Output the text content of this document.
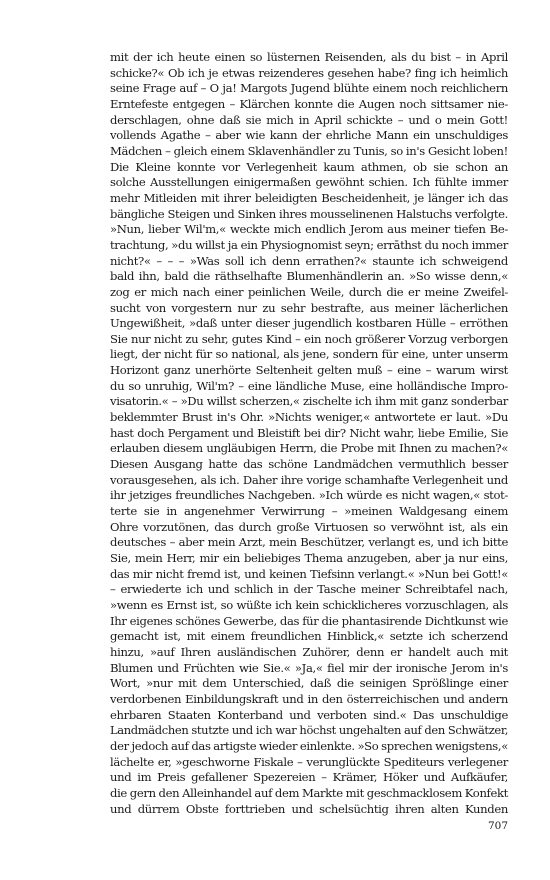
mit der ich heute einen so lüsternen Reisenden, als du bist – in April
schicke?« Ob ich je etwas reizenderes gesehen habe? fing ich heimlich
seine Frage auf – O ja! Margots Jugend blühte einem noch reichlichern
Erntefeste entgegen – Klärchen konnte die Augen noch sittsamer nie-
derschlagen, ohne daß sie mich in April schickte – und o mein Gott!
vollends Agathe – aber wie kann der ehrliche Mann ein unschuldiges
Mädchen – gleich einem Sklavenhändler zu Tunis, so in's Gesicht loben!
Die Kleine konnte vor Verlegenheit kaum athmen, ob sie schon an
solche Ausstellungen einigermaßen gewöhnt schien. Ich fühlte immer
mehr Mitleiden mit ihrer beleidigten Bescheidenheit, je länger ich das
bängliche Steigen und Sinken ihres mousselinenen Halstuchs verfolgte.
»Nun, lieber Wil'm,« weckte mich endlich Jerom aus meiner tiefen Be-
trachtung, »du willst ja ein Physiognomist seyn; errāthst du noch immer
nicht?« – – – »Was soll ich denn errathen?« staunte ich schweigend
bald ihn, bald die räthselhafte Blumenhändlerin an. »So wisse denn,«
zog er mich nach einer peinlichen Weile, durch die er meine Zweifel-
sucht von vorgestern nur zu sehr bestrafte, aus meiner lächerlichen
Ungewißheit, »daß unter dieser jugendlich kostbaren Hülle – erröthen
Sie nur nicht zu sehr, gutes Kind – ein noch größerer Vorzug verborgen
liegt, der nicht für so national, als jene, sondern für eine, unter unserm
Horizont ganz unerhörte Seltenheit gelten muß – eine – warum wirst
du so unruhig, Wil'm? – eine ländliche Muse, eine holländische Impro-
visatorin.« – »Du willst scherzen,« zischelte ich ihm mit ganz sonderbar
beklemmter Brust in's Ohr. »Nichts weniger,« antwortete er laut. »Du
hast doch Pergament und Bleistift bei dir? Nicht wahr, liebe Emilie, Sie
erlauben diesem ungläubigen Herrn, die Probe mit Ihnen zu machen?«
Diesen Ausgang hatte das schöne Landmädchen vermuthlich besser
vorausgesehen, als ich. Daher ihre vorige schamhafte Verlegenheit und
ihr jetziges freundliches Nachgeben. »Ich würde es nicht wagen,« stot-
terte sie in angenehmer Verwirrung – »meinen Waldgesang einem
Ohre vorzutönen, das durch große Virtuosen so verwöhnt ist, als ein
deutsches – aber mein Arzt, mein Beschützer, verlangt es, und ich bitte
Sie, mein Herr, mir ein beliebiges Thema anzugeben, aber ja nur eins,
das mir nicht fremd ist, und keinen Tiefsinn verlangt.« »Nun bei Gott!«
– erwiederte ich und schlich in der Tasche meiner Schreibtafel nach,
»wenn es Ernst ist, so wüßte ich kein schicklicheres vorzuschlagen, als
Ihr eigenes schönes Gewerbe, das für die phantasirende Dichtkunst wie
gemacht ist, mit einem freundlichen Hinblick,« setzte ich scherzend
hinzu, »auf Ihren ausländischen Zuhörer, denn er handelt auch mit
Blumen und Früchten wie Sie.« »Ja,« fiel mir der ironische Jerom in's
Wort, »nur mit dem Unterschied, daß die seinigen Sprößlinge einer
verdorbenen Einbildungskraft und in den österreichischen und andern
ehrbaren Staaten Konterband und verboten sind.« Das unschuldige
Landmädchen stutzte und ich war höchst ungehalten auf den Schwätzer,
der jedoch auf das artigste wieder einlenkte. »So sprechen wenigstens,«
lächelte er, »geschworne Fiskale – verunglückte Spediteurs verlegener
und im Preis gefallener Spezereien – Krämer, Höker und Aufkäufer,
die gern den Alleinhandel auf dem Markte mit geschmacklosem Konfekt
und dürrem Obste forttrieben und schelsüchtig ihren alten Kunden
707
